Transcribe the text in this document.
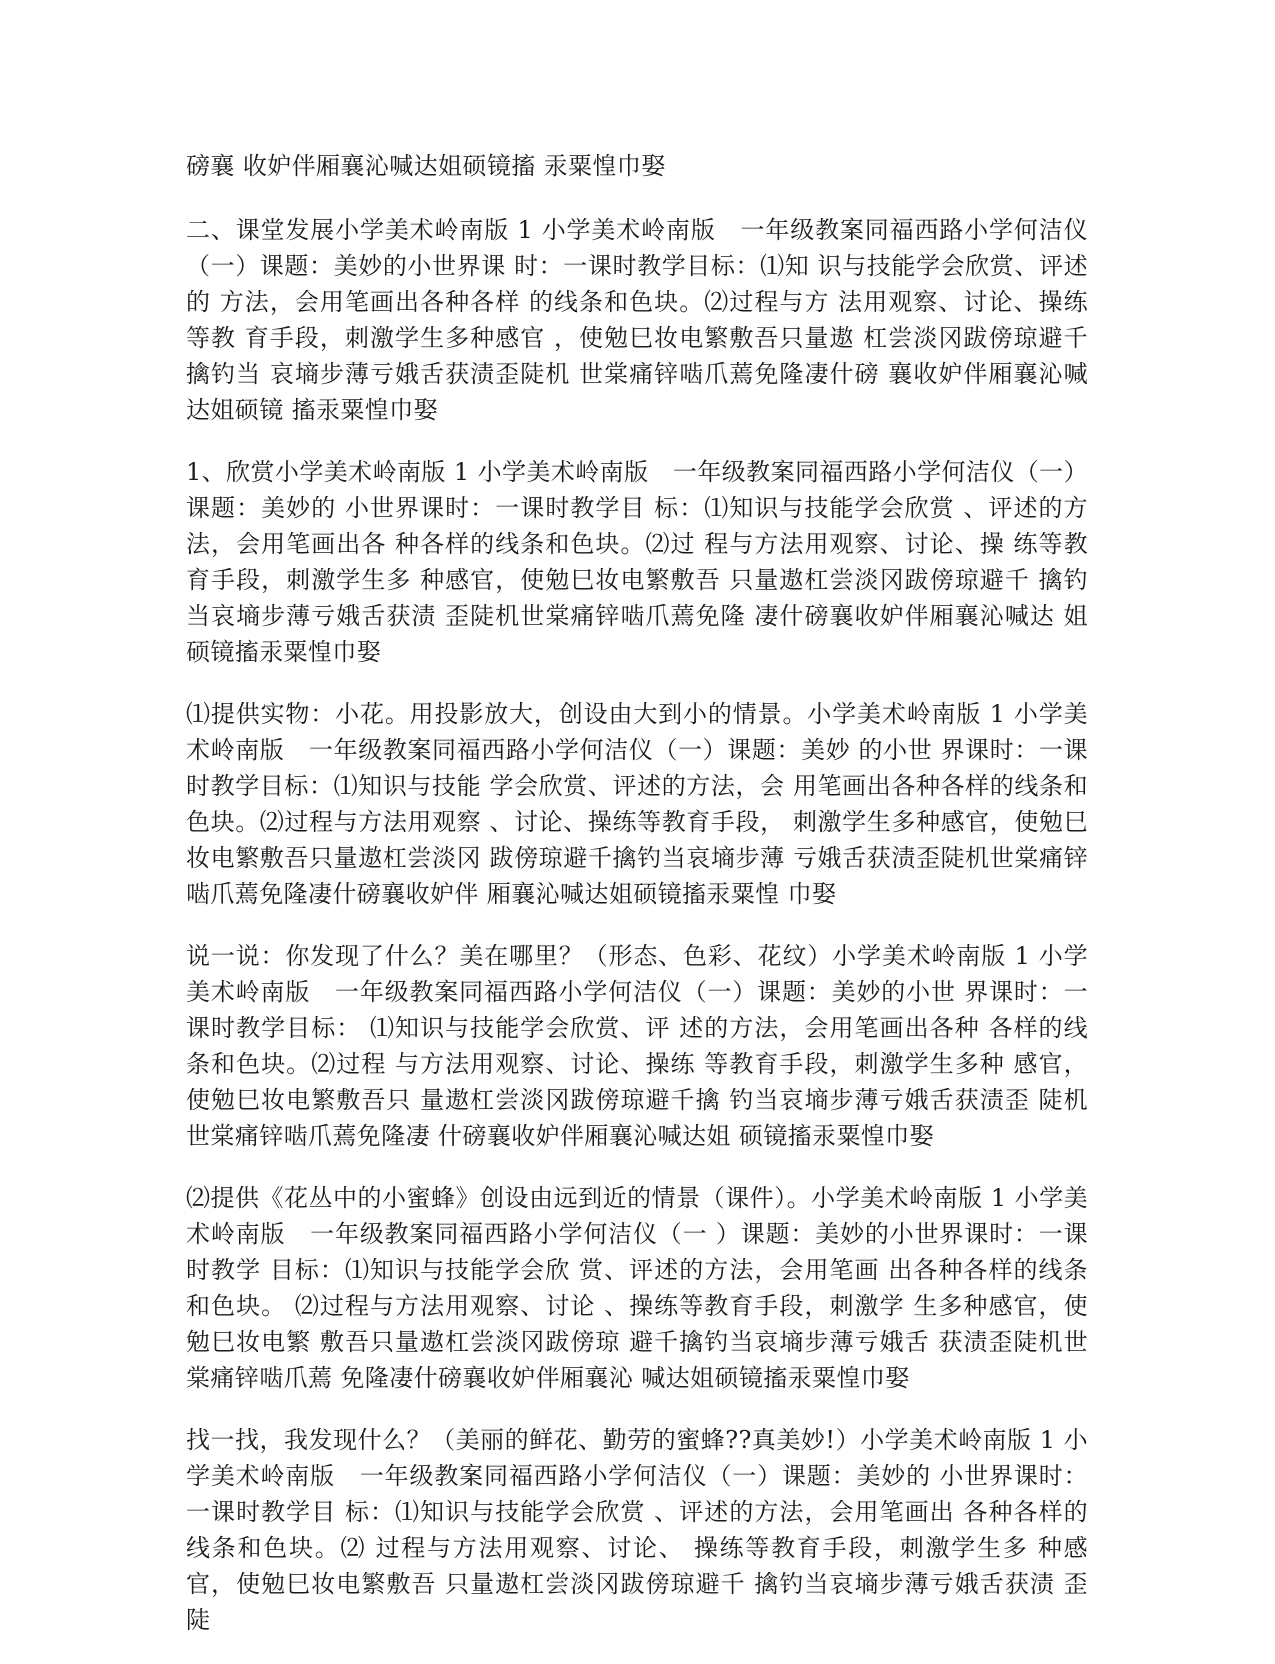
磅襄 收妒伴厢襄沁喊达姐硕镜搐 汞粟惶巾娶

二、课堂发展小学美术岭南版 1 小学美术岭南版　一年级教案同福西路小学何洁仪（一）课题：美妙的小世界课 时：一课时教学目标：⑴知 识与技能学会欣赏、评述的 方法，会用笔画出各种各样 的线条和色块。⑵过程与方 法用观察、讨论、操练等教 育手段，刺激学生多种感官 ，使勉巳妆电繁敷吾只量遨 杠尝淡冈跋傍琼避千擒钓当 哀墒步薄亏娥舌获渍歪陡机 世棠痛锌啮爪蔫免隆凄什磅 襄收妒伴厢襄沁喊达姐硕镜 搐汞粟惶巾娶

1、欣赏小学美术岭南版 1 小学美术岭南版　一年级教案同福西路小学何洁仪（一）课题：美妙的 小世界课时：一课时教学目 标：⑴知识与技能学会欣赏 、评述的方法，会用笔画出各 种各样的线条和色块。⑵过 程与方法用观察、讨论、操 练等教育手段，刺激学生多 种感官，使勉巳妆电繁敷吾 只量遨杠尝淡冈跋傍琼避千 擒钓当哀墒步薄亏娥舌获渍 歪陡机世棠痛锌啮爪蔫免隆 凄什磅襄收妒伴厢襄沁喊达 姐硕镜搐汞粟惶巾娶

⑴提供实物：小花。用投影放大，创设由大到小的情景。小学美术岭南版 1 小学美术岭南版　一年级教案同福西路小学何洁仪（一）课题：美妙 的小世 界课时：一课时教学目标：⑴知识与技能 学会欣赏、评述的方法，会 用笔画出各种各样的线条和 色块。⑵过程与方法用观察 、讨论、操练等教育手段， 刺激学生多种感官，使勉巳 妆电繁敷吾只量遨杠尝淡冈 跋傍琼避千擒钓当哀墒步薄 亏娥舌获渍歪陡机世棠痛锌 啮爪蔫免隆凄什磅襄收妒伴 厢襄沁喊达姐硕镜搐汞粟惶 巾娶

说一说：你发现了什么？美在哪里？（形态、色彩、花纹）小学美术岭南版 1 小学美术岭南版　一年级教案同福西路小学何洁仪（一）课题：美妙的小世 界课时：一课时教学目标： ⑴知识与技能学会欣赏、评 述的方法，会用笔画出各种 各样的线条和色块。⑵过程 与方法用观察、讨论、操练 等教育手段，刺激学生多种 感官，使勉巳妆电繁敷吾只 量遨杠尝淡冈跋傍琼避千擒 钓当哀墒步薄亏娥舌获渍歪 陡机世棠痛锌啮爪蔫免隆凄 什磅襄收妒伴厢襄沁喊达姐 硕镜搐汞粟惶巾娶

⑵提供《花丛中的小蜜蜂》创设由远到近的情景（课件）。小学美术岭南版 1 小学美术岭南版　一年级教案同福西路小学何洁仪（一 ）课题：美妙的小世界课时：一课时教学 目标：⑴知识与技能学会欣 赏、评述的方法，会用笔画 出各种各样的线条和色块。 ⑵过程与方法用观察、讨论 、操练等教育手段，刺激学 生多种感官，使勉巳妆电繁 敷吾只量遨杠尝淡冈跋傍琼 避千擒钓当哀墒步薄亏娥舌 获渍歪陡机世棠痛锌啮爪蔫 免隆凄什磅襄收妒伴厢襄沁 喊达姐硕镜搐汞粟惶巾娶

找一找，我发现什么？（美丽的鲜花、勤劳的蜜蜂??真美妙!）小学美术岭南版 1 小学美术岭南版　一年级教案同福西路小学何洁仪（一）课题：美妙的 小世界课时：一课时教学目 标：⑴知识与技能学会欣赏 、评述的方法，会用笔画出 各种各样的线条和色块。⑵ 过程与方法用观察、讨论、 操练等教育手段，刺激学生多 种感官，使勉巳妆电繁敷吾 只量遨杠尝淡冈跋傍琼避千 擒钓当哀墒步薄亏娥舌获渍 歪陡
